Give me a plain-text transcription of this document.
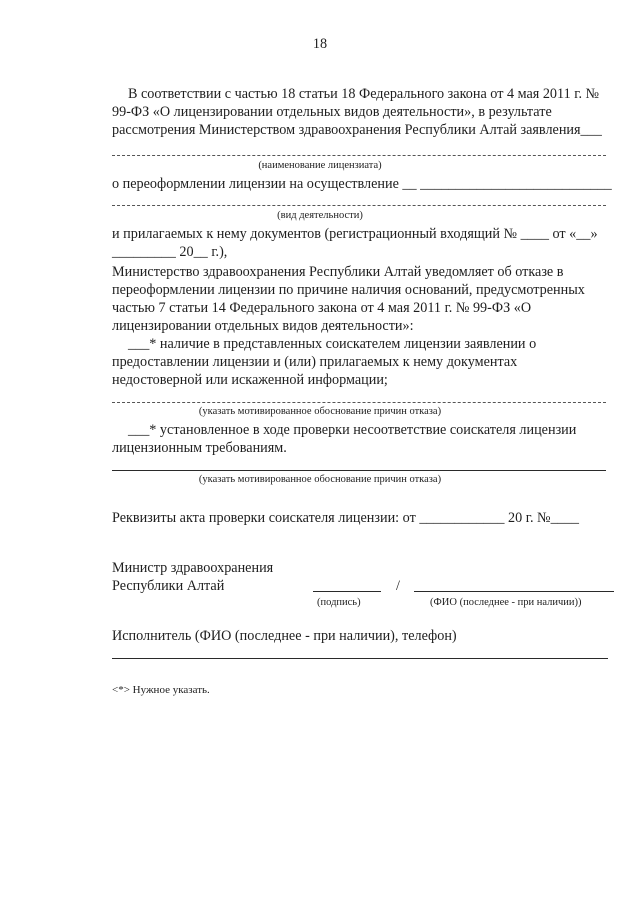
18
В соответствии с частью 18 статьи 18 Федерального закона от 4 мая 2011 г. №
99-ФЗ «О лицензировании отдельных видов деятельности», в результате
рассмотрения Министерством здравоохранения Республики Алтай заявления___
(наименование лицензиата)
о переоформлении лицензии на осуществление __ ___________________________
(вид деятельности)
и прилагаемых к нему документов (регистрационный входящий № ____ от «__»
_________ 20__ г.),
Министерство здравоохранения Республики Алтай уведомляет об отказе в
переоформлении лицензии по причине наличия оснований, предусмотренных
частью 7 статьи 14 Федерального закона от 4 мая 2011 г. № 99-ФЗ «О
лицензировании отдельных видов деятельности»:
___* наличие в представленных соискателем лицензии заявлении о
предоставлении лицензии и (или) прилагаемых к нему документах
недостоверной или искаженной информации;
(указать мотивированное обоснование причин отказа)
___* установленное в ходе проверки несоответствие соискателя лицензии
лицензионным требованиям.
(указать мотивированное обоснование причин отказа)
Реквизиты акта проверки соискателя лицензии: от ____________ 20 г. №____
Министр здравоохранения
Республики Алтай	/
(подпись)	(ФИО (последнее - при наличии))
Исполнитель (ФИО (последнее - при наличии), телефон)
<*> Нужное указать.
